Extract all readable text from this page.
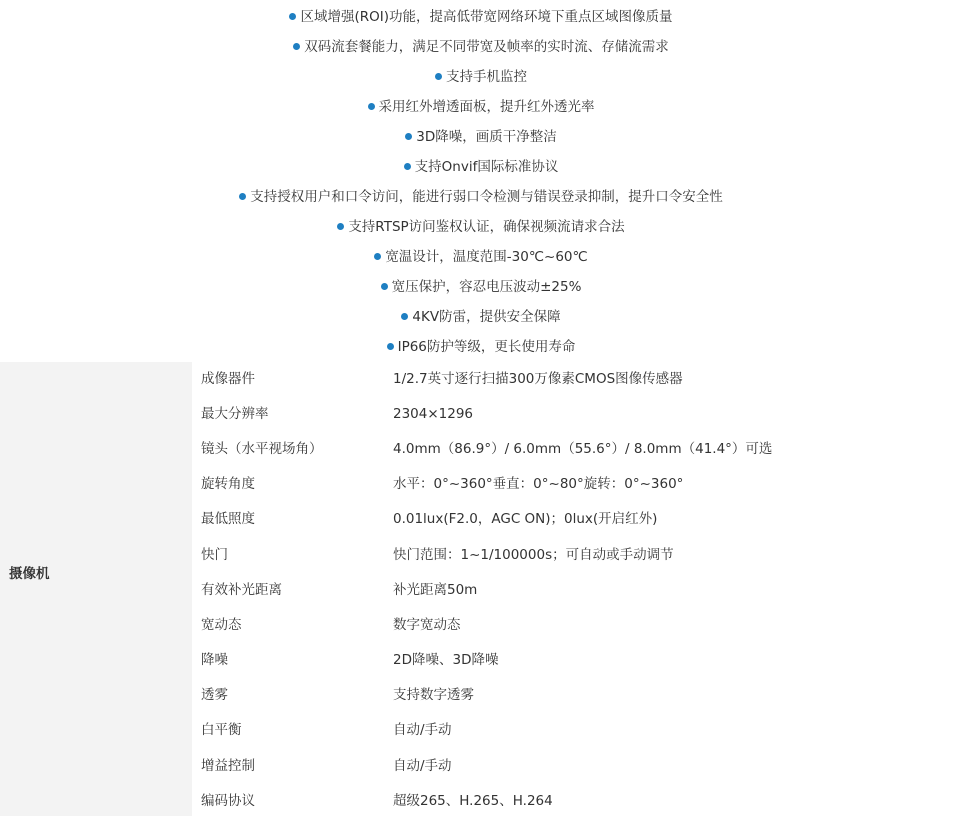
区域增强(ROI)功能，提高低带宽网络环境下重点区域图像质量
双码流套餐能力，满足不同带宽及帧率的实时流、存储流需求
支持手机监控
采用红外增透面板，提升红外透光率
3D降噪，画质干净整洁
支持Onvif国际标准协议
支持授权用户和口令访问，能进行弱口令检测与错误登录抑制，提升口令安全性
支持RTSP访问鉴权认证，确保视频流请求合法
宽温设计，温度范围-30℃~60℃
宽压保护，容忍电压波动±25%
4KV防雷，提供安全保障
IP66防护等级，更长使用寿命
摄像机
成像器件	1/2.7英寸逐行扫描300万像素CMOS图像传感器
最大分辨率	2304×1296
镜头（水平视场角）	4.0mm（86.9°）/ 6.0mm（55.6°）/ 8.0mm（41.4°）可选
旋转角度	水平：0°~360°垂直：0°~80°旋转：0°~360°
最低照度	0.01lux(F2.0，AGC ON)；0lux(开启红外)
快门	快门范围：1~1/100000s；可自动或手动调节
有效补光距离	补光距离50m
宽动态	数字宽动态
降噪	2D降噪、3D降噪
透雾	支持数字透雾
白平衡	自动/手动
增益控制	自动/手动
编码协议	超级265、H.265、H.264
